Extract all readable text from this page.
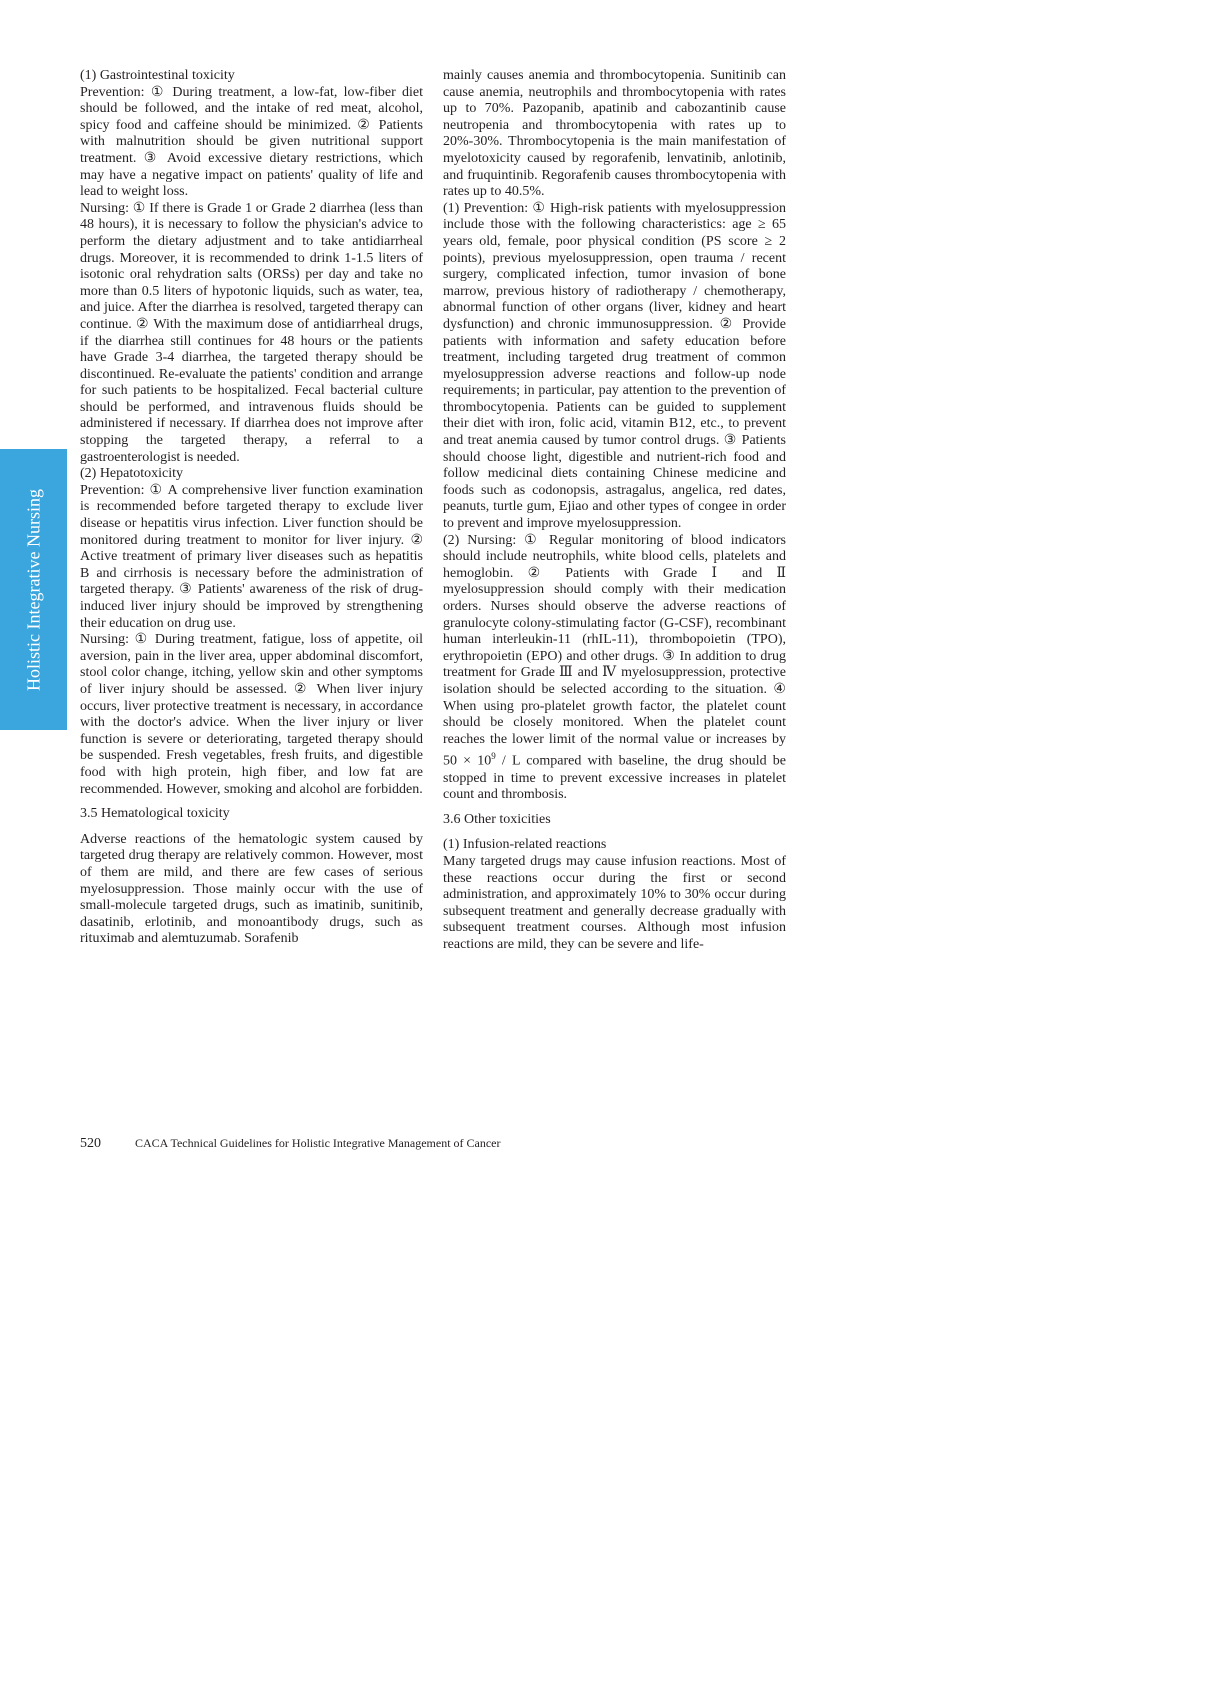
Holistic Integrative Nursing

(1) Gastrointestinal toxicity

Prevention: ① During treatment, a low-fat, low-fiber diet should be followed, and the intake of red meat, alcohol, spicy food and caffeine should be minimized. ② Patients with malnutrition should be given nutritional support treatment. ③ Avoid excessive dietary restrictions, which may have a negative impact on patients' quality of life and lead to weight loss.

Nursing: ① If there is Grade 1 or Grade 2 diarrhea (less than 48 hours), it is necessary to follow the physician's advice to perform the dietary adjustment and to take antidiarrheal drugs. Moreover, it is recommended to drink 1-1.5 liters of isotonic oral rehydration salts (ORSs) per day and take no more than 0.5 liters of hypotonic liquids, such as water, tea, and juice. After the diarrhea is resolved, targeted therapy can continue. ② With the maximum dose of antidiarrheal drugs, if the diarrhea still continues for 48 hours or the patients have Grade 3-4 diarrhea, the targeted therapy should be discontinued. Re-evaluate the patients' condition and arrange for such patients to be hospitalized. Fecal bacterial culture should be performed, and intravenous fluids should be administered if necessary. If diarrhea does not improve after stopping the targeted therapy, a referral to a gastroenterologist is needed.

(2) Hepatotoxicity

Prevention: ① A comprehensive liver function examination is recommended before targeted therapy to exclude liver disease or hepatitis virus infection. Liver function should be monitored during treatment to monitor for liver injury. ② Active treatment of primary liver diseases such as hepatitis B and cirrhosis is necessary before the administration of targeted therapy. ③ Patients' awareness of the risk of drug-induced liver injury should be improved by strengthening their education on drug use.

Nursing: ① During treatment, fatigue, loss of appetite, oil aversion, pain in the liver area, upper abdominal discomfort, stool color change, itching, yellow skin and other symptoms of liver injury should be assessed. ② When liver injury occurs, liver protective treatment is necessary, in accordance with the doctor's advice. When the liver injury or liver function is severe or deteriorating, targeted therapy should be suspended. Fresh vegetables, fresh fruits, and digestible food with high protein, high fiber, and low fat are recommended. However, smoking and alcohol are forbidden.

3.5 Hematological toxicity

Adverse reactions of the hematologic system caused by targeted drug therapy are relatively common. However, most of them are mild, and there are few cases of serious myelosuppression. Those mainly occur with the use of small-molecule targeted drugs, such as imatinib, sunitinib, dasatinib, erlotinib, and monoantibody drugs, such as rituximab and alemtuzumab. Sorafenib

mainly causes anemia and thrombocytopenia. Sunitinib can cause anemia, neutrophils and thrombocytopenia with rates up to 70%. Pazopanib, apatinib and cabozantinib cause neutropenia and thrombocytopenia with rates up to 20%-30%. Thrombocytopenia is the main manifestation of myelotoxicity caused by regorafenib, lenvatinib, anlotinib, and fruquintinib. Regorafenib causes thrombocytopenia with rates up to 40.5%.

(1) Prevention: ① High-risk patients with myelosuppression include those with the following characteristics: age ≥ 65 years old, female, poor physical condition (PS score ≥ 2 points), previous myelosuppression, open trauma / recent surgery, complicated infection, tumor invasion of bone marrow, previous history of radiotherapy / chemotherapy, abnormal function of other organs (liver, kidney and heart dysfunction) and chronic immunosuppression. ② Provide patients with information and safety education before treatment, including targeted drug treatment of common myelosuppression adverse reactions and follow-up node requirements; in particular, pay attention to the prevention of thrombocytopenia. Patients can be guided to supplement their diet with iron, folic acid, vitamin B12, etc., to prevent and treat anemia caused by tumor control drugs. ③ Patients should choose light, digestible and nutrient-rich food and follow medicinal diets containing Chinese medicine and foods such as codonopsis, astragalus, angelica, red dates, peanuts, turtle gum, Ejiao and other types of congee in order to prevent and improve myelosuppression.

(2) Nursing: ① Regular monitoring of blood indicators should include neutrophils, white blood cells, platelets and hemoglobin. ② Patients with Grade Ⅰ and Ⅱ myelosuppression should comply with their medication orders. Nurses should observe the adverse reactions of granulocyte colony-stimulating factor (G-CSF), recombinant human interleukin-11 (rhIL-11), thrombopoietin (TPO), erythropoietin (EPO) and other drugs. ③ In addition to drug treatment for Grade Ⅲ and Ⅳ myelosuppression, protective isolation should be selected according to the situation. ④ When using pro-platelet growth factor, the platelet count should be closely monitored. When the platelet count reaches the lower limit of the normal value or increases by $50 \times 10^9 / L$ compared with baseline, the drug should be stopped in time to prevent excessive increases in platelet count and thrombosis.

3.6 Other toxicities

(1) Infusion-related reactions

Many targeted drugs may cause infusion reactions. Most of these reactions occur during the first or second administration, and approximately 10% to 30% occur during subsequent treatment and generally decrease gradually with subsequent treatment courses. Although most infusion reactions are mild, they can be severe and life-

520	CACA Technical Guidelines for Holistic Integrative Management of Cancer
